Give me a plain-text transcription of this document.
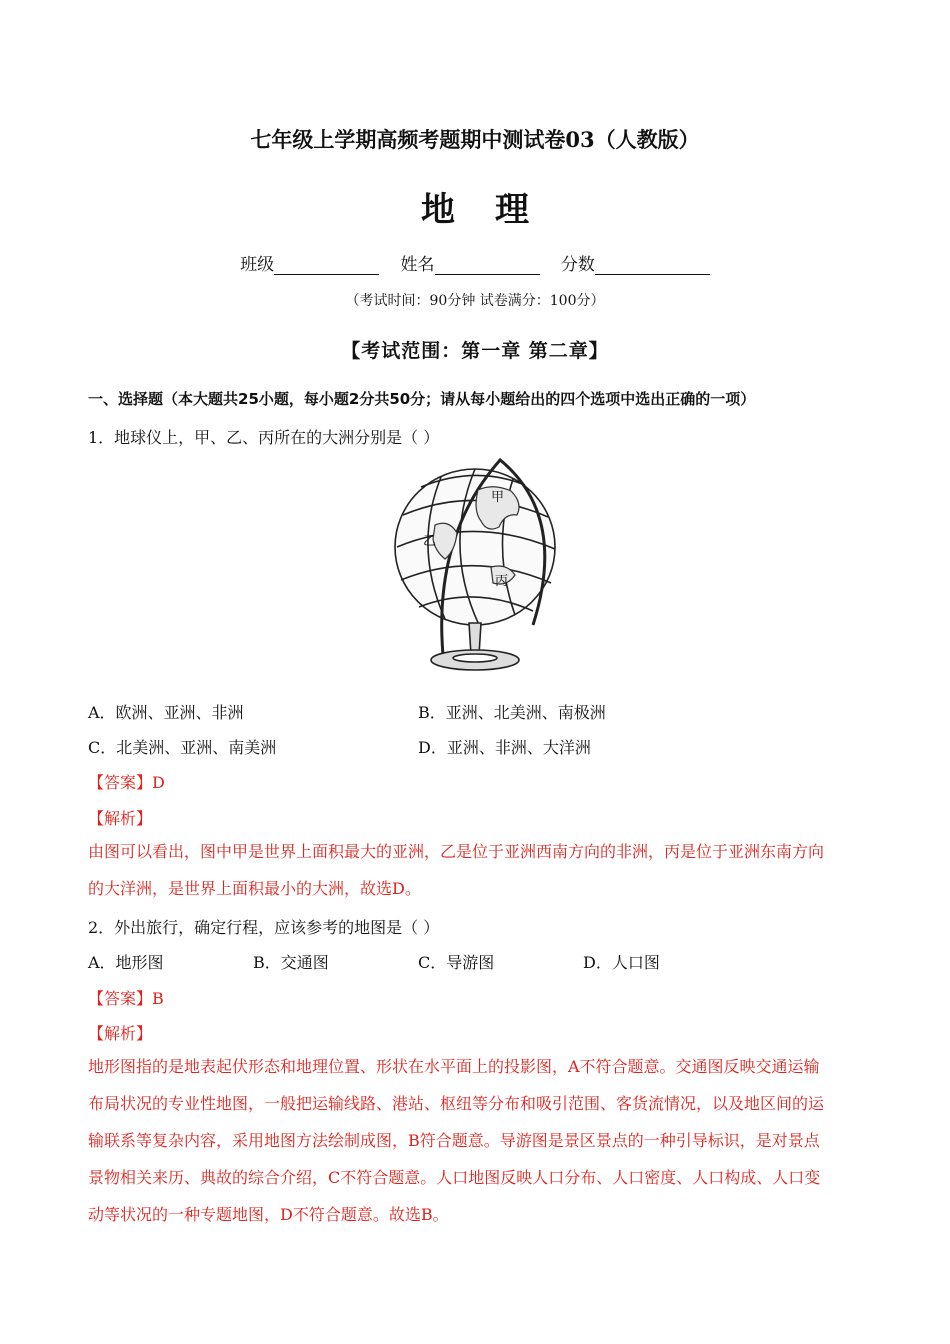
七年级上学期高频考题期中测试卷03（人教版）
地理
班级	姓名	分数
（考试时间：90分钟 试卷满分：100分）
【考试范围：第一章 第二章】
一、选择题（本大题共25小题，每小题2分共50分；请从每小题给出的四个选项中选出正确的一项）
1．地球仪上，甲、乙、丙所在的大洲分别是（ ）
甲
乙
丙
A．欧洲、亚洲、非洲	B．亚洲、北美洲、南极洲
C．北美洲、亚洲、南美洲	D．亚洲、非洲、大洋洲
【答案】D
【解析】

由图可以看出，图中甲是世界上面积最大的亚洲，乙是位于亚洲西南方向的非洲，丙是位于亚洲东南方向

的大洋洲，是世界上面积最小的大洲，故选D。

2．外出旅行，确定行程，应该参考的地图是（ ）
A．地形图	B．交通图	C．导游图	D．人口图
【答案】B
【解析】

地形图指的是地表起伏形态和地理位置、形状在水平面上的投影图，A不符合题意。交通图反映交通运输

布局状况的专业性地图，一般把运输线路、港站、枢纽等分布和吸引范围、客货流情况，以及地区间的运

输联系等复杂内容，采用地图方法绘制成图，B符合题意。导游图是景区景点的一种引导标识，是对景点

景物相关来历、典故的综合介绍，C不符合题意。人口地图反映人口分布、人口密度、人口构成、人口变

动等状况的一种专题地图，D不符合题意。故选B。
